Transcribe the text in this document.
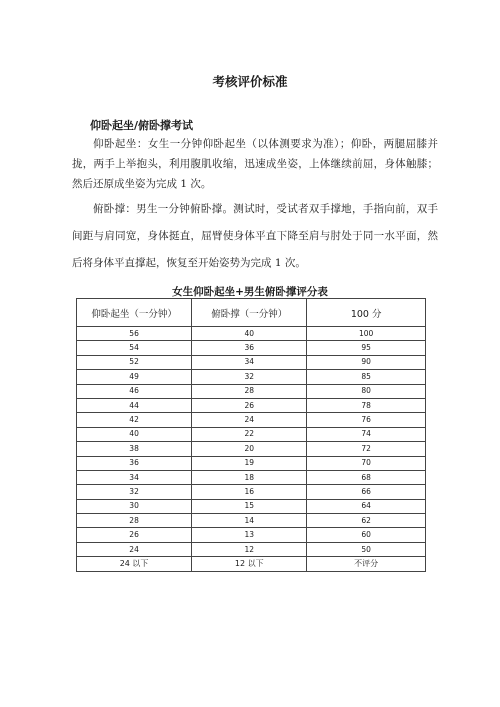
考核评价标准
仰卧起坐/俯卧撑考试

仰卧起坐：女生一分钟仰卧起坐（以体测要求为准）；仰卧，两腿屈膝并拢，两手上举抱头，利用腹肌收缩，迅速成坐姿，上体继续前屈，身体触膝；然后还原成坐姿为完成 1 次。

俯卧撑：男生一分钟俯卧撑。测试时，受试者双手撑地，手指向前，双手间距与肩同宽，身体挺直，屈臂使身体平直下降至肩与肘处于同一水平面，然后将身体平直撑起，恢复至开始姿势为完成 1 次。

女生仰卧起坐+男生俯卧撑评分表
仰卧起坐（一分钟）	俯卧撑（一分钟）	100 分
56	40	100
54	36	95
52	34	90
49	32	85
46	28	80
44	26	78
42	24	76
40	22	74
38	20	72
36	19	70
34	18	68
32	16	66
30	15	64
28	14	62
26	13	60
24	12	50
24 以下	12 以下	不评分
